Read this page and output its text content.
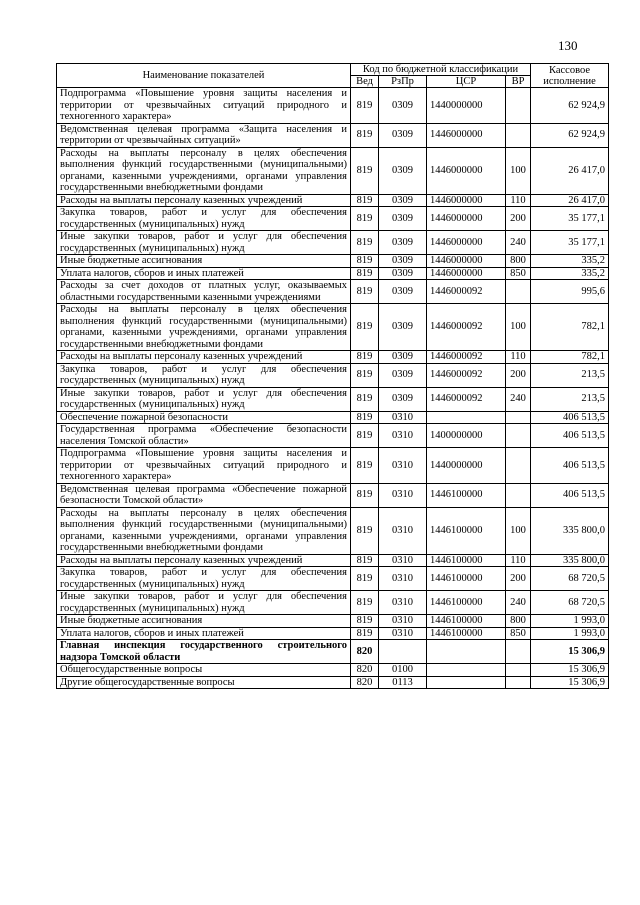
130
Наименование показателей	Код по бюджетной классификации				Кассовое исполнение
	Вед	РзПр	ЦСР	ВР	
Подпрограмма «Повышение уровня защиты населения и территории от чрезвычайных ситуаций природного и техногенного характера»	819	0309	1440000000		62 924,9
Ведомственная целевая программа «Защита населения и территории от чрезвычайных ситуаций»	819	0309	1446000000		62 924,9
Расходы на выплаты персоналу в целях обеспечения выполнения функций государственными (муниципальными) органами, казенными учреждениями, органами управления государственными внебюджетными фондами	819	0309	1446000000	100	26 417,0
Расходы на выплаты персоналу казенных учреждений	819	0309	1446000000	110	26 417,0
Закупка товаров, работ и услуг для обеспечения государственных (муниципальных) нужд	819	0309	1446000000	200	35 177,1
Иные закупки товаров, работ и услуг для обеспечения государственных (муниципальных) нужд	819	0309	1446000000	240	35 177,1
Иные бюджетные ассигнования	819	0309	1446000000	800	335,2
Уплата налогов, сборов и иных платежей	819	0309	1446000000	850	335,2
Расходы за счет доходов от платных услуг, оказываемых областными государственными казенными учреждениями	819	0309	1446000092		995,6
Расходы на выплаты персоналу в целях обеспечения выполнения функций государственными (муниципальными) органами, казенными учреждениями, органами управления государственными внебюджетными фондами	819	0309	1446000092	100	782,1
Расходы на выплаты персоналу казенных учреждений	819	0309	1446000092	110	782,1
Закупка товаров, работ и услуг для обеспечения государственных (муниципальных) нужд	819	0309	1446000092	200	213,5
Иные закупки товаров, работ и услуг для обеспечения государственных (муниципальных) нужд	819	0309	1446000092	240	213,5
Обеспечение пожарной безопасности	819	0310			406 513,5
Государственная программа «Обеспечение безопасности населения Томской области»	819	0310	1400000000		406 513,5
Подпрограмма «Повышение уровня защиты населения и территории от чрезвычайных ситуаций природного и техногенного характера»	819	0310	1440000000		406 513,5
Ведомственная целевая программа «Обеспечение пожарной безопасности Томской области»	819	0310	1446100000		406 513,5
Расходы на выплаты персоналу в целях обеспечения выполнения функций государственными (муниципальными) органами, казенными учреждениями, органами управления государственными внебюджетными фондами	819	0310	1446100000	100	335 800,0
Расходы на выплаты персоналу казенных учреждений	819	0310	1446100000	110	335 800,0
Закупка товаров, работ и услуг для обеспечения государственных (муниципальных) нужд	819	0310	1446100000	200	68 720,5
Иные закупки товаров, работ и услуг для обеспечения государственных (муниципальных) нужд	819	0310	1446100000	240	68 720,5
Иные бюджетные ассигнования	819	0310	1446100000	800	1 993,0
Уплата налогов, сборов и иных платежей	819	0310	1446100000	850	1 993,0
Главная инспекция государственного строительного надзора Томской области	820				15 306,9
Общегосударственные вопросы	820	0100			15 306,9
Другие общегосударственные вопросы	820	0113			15 306,9
